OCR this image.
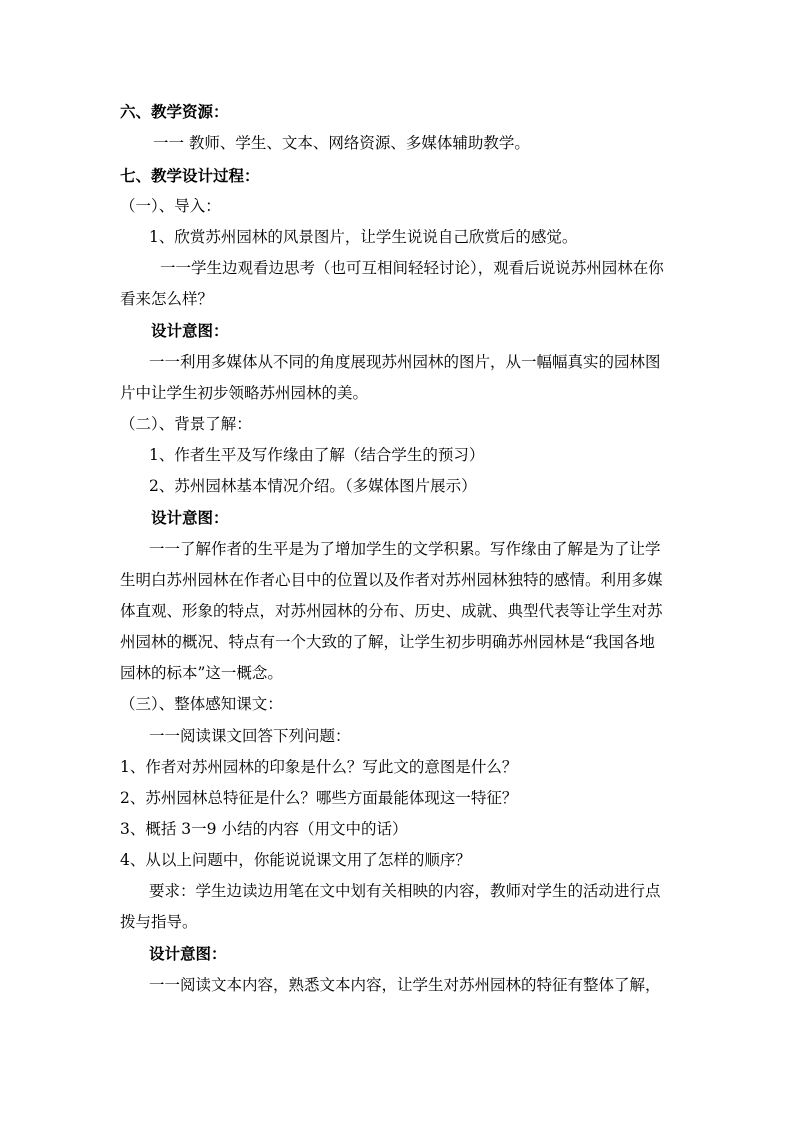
六、教学资源：
一一 教师、学生、文本、网络资源、多媒体辅助教学。
七、教学设计过程：
（一）、导入：
1、欣赏苏州园林的风景图片，让学生说说自己欣赏后的感觉。
一一学生边观看边思考（也可互相间轻轻讨论），观看后说说苏州园林在你
看来怎么样？
设计意图：
一一利用多媒体从不同的角度展现苏州园林的图片，从一幅幅真实的园林图
片中让学生初步领略苏州园林的美。
（二）、背景了解：
1、作者生平及写作缘由了解（结合学生的预习）
2、苏州园林基本情况介绍。（多媒体图片展示）
设计意图：
一一了解作者的生平是为了增加学生的文学积累。写作缘由了解是为了让学
生明白苏州园林在作者心目中的位置以及作者对苏州园林独特的感情。利用多媒
体直观、形象的特点，对苏州园林的分布、历史、成就、典型代表等让学生对苏
州园林的概况、特点有一个大致的了解，让学生初步明确苏州园林是“我国各地
园林的标本”这一概念。
（三）、整体感知课文：
一一阅读课文回答下列问题：
1、作者对苏州园林的印象是什么？写此文的意图是什么？
2、苏州园林总特征是什么？哪些方面最能体现这一特征？
3、概括 3一9 小结的内容（用文中的话）
4、从以上问题中，你能说说课文用了怎样的顺序？
要求：学生边读边用笔在文中划有关相映的内容，教师对学生的活动进行点
拨与指导。
设计意图：
一一阅读文本内容，熟悉文本内容，让学生对苏州园林的特征有整体了解，
